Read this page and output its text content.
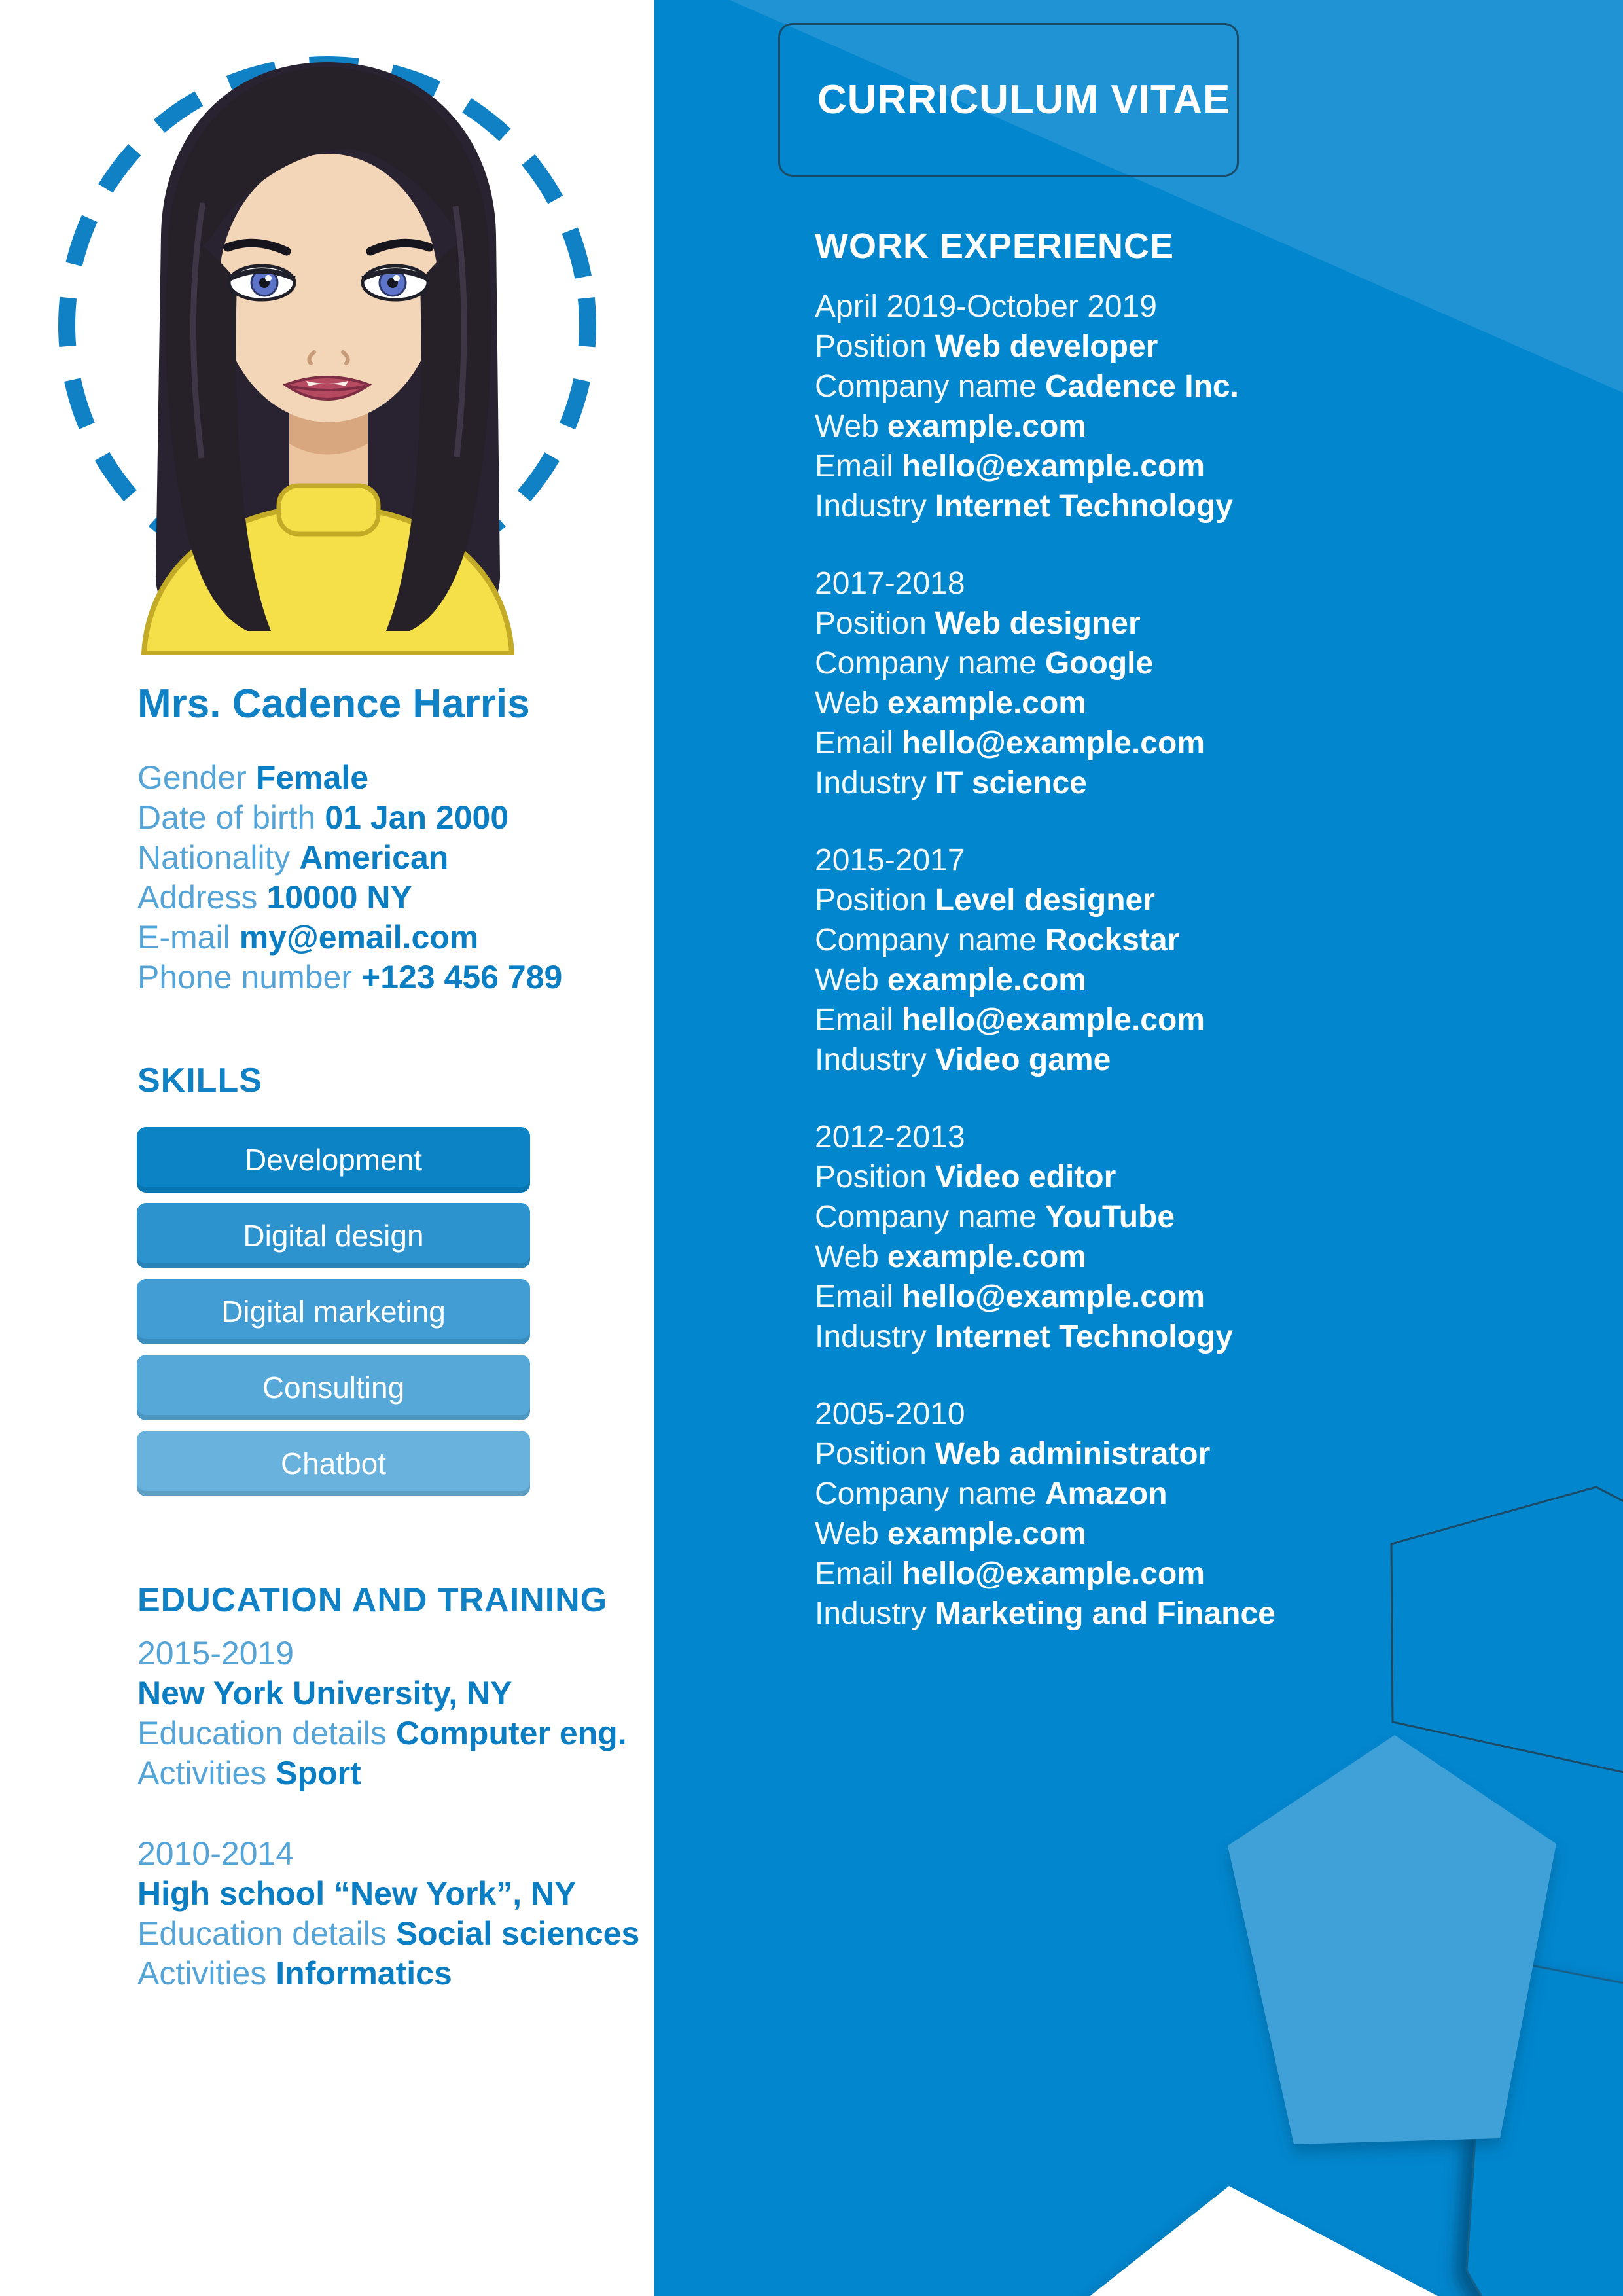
Mrs. Cadence Harris
Gender Female
Date of birth 01 Jan 2000
Nationality American
Address 10000 NY
E-mail my@email.com
Phone number +123 456 789
SKILLS
Development
Digital design
Digital marketing
Consulting
Chatbot
EDUCATION AND TRAINING
2015-2019
New York University, NY
Education details Computer eng.
Activities Sport
2010-2014
High school “New York”, NY
Education details Social sciences
Activities Informatics
CURRICULUM VITAE
WORK EXPERIENCE
April 2019-October 2019
Position Web developer
Company name Cadence Inc.
Web example.com
Email hello@example.com
Industry Internet Technology
2017-2018
Position Web designer
Company name Google
Web example.com
Email hello@example.com
Industry IT science
2015-2017
Position Level designer
Company name Rockstar
Web example.com
Email hello@example.com
Industry Video game
2012-2013
Position Video editor
Company name YouTube
Web example.com
Email hello@example.com
Industry Internet Technology
2005-2010
Position Web administrator
Company name Amazon
Web example.com
Email hello@example.com
Industry Marketing and Finance
